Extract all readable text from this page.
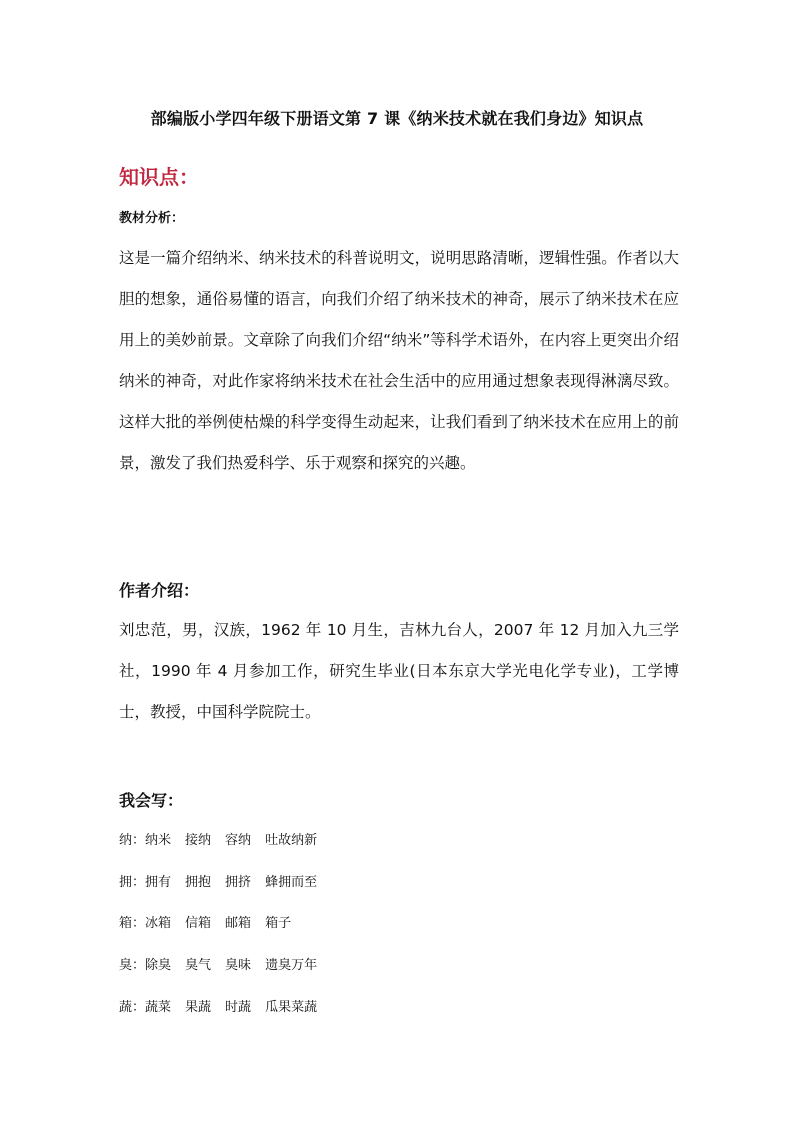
部编版小学四年级下册语文第 7 课《纳米技术就在我们身边》知识点
知识点：
教材分析：

这是一篇介绍纳米、纳米技术的科普说明文，说明思路清晰，逻辑性强。作者以大胆的想象，通俗易懂的语言，向我们介绍了纳米技术的神奇，展示了纳米技术在应用上的美妙前景。文章除了向我们介绍“纳米”等科学术语外，在内容上更突出介绍纳米的神奇，对此作家将纳米技术在社会生活中的应用通过想象表现得淋漓尽致。这样大批的举例使枯燥的科学变得生动起来，让我们看到了纳米技术在应用上的前景，激发了我们热爱科学、乐于观察和探究的兴趣。

作者介绍：

刘忠范，男，汉族，1962 年 10 月生，吉林九台人，2007 年 12 月加入九三学社，1990 年 4 月参加工作，研究生毕业(日本东京大学光电化学专业)，工学博士，教授，中国科学院院士。

我会写：
纳：纳米 接纳 容纳 吐故纳新
拥：拥有 拥抱 拥挤 蜂拥而至
箱：冰箱 信箱 邮箱 箱子
臭：除臭 臭气 臭味 遗臭万年
蔬：蔬菜 果蔬 时蔬 瓜果菜蔬
